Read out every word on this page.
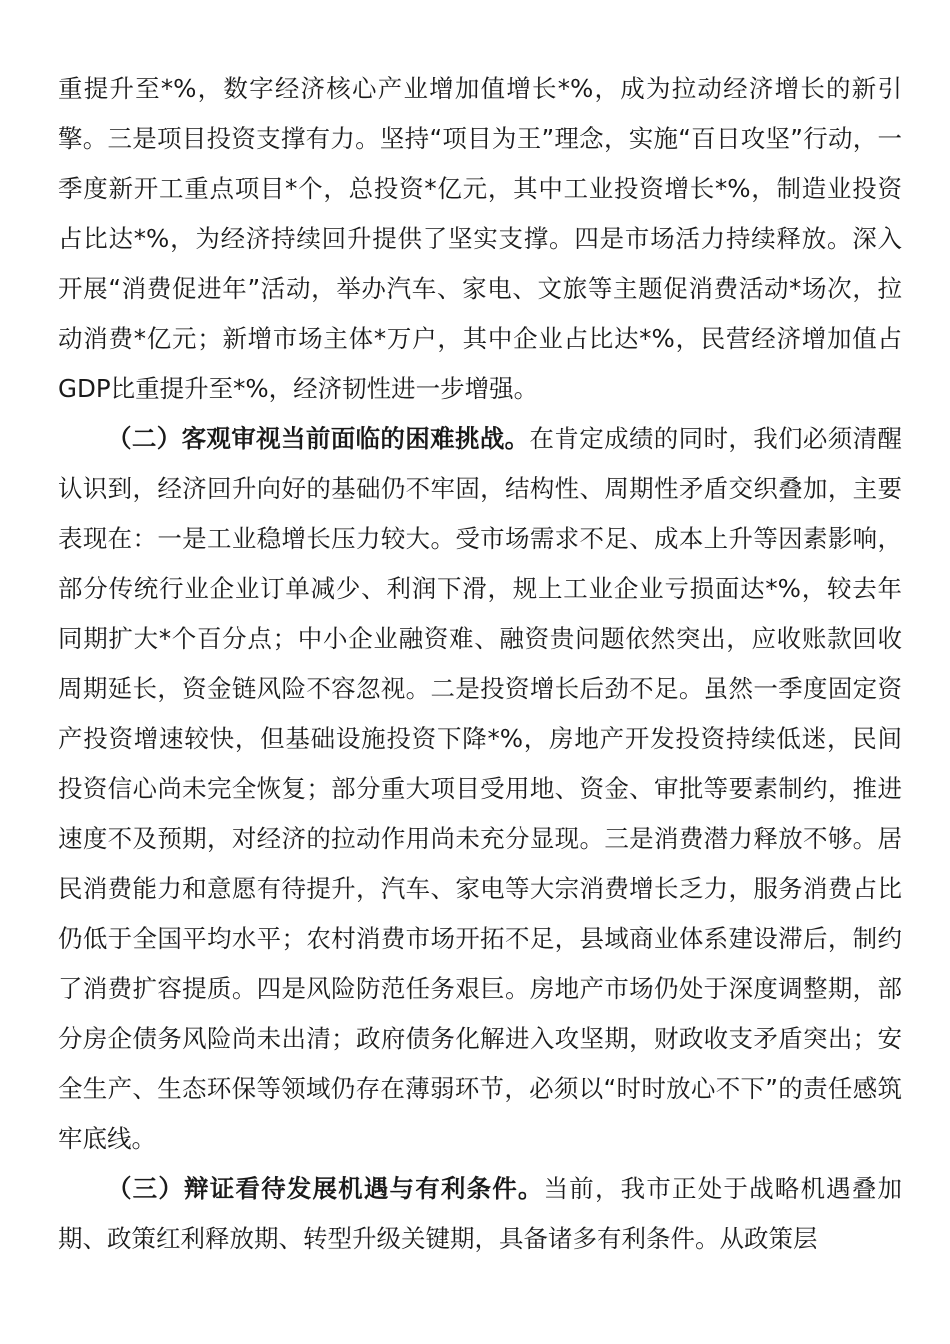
重提升至*%，数字经济核心产业增加值增长*%，成为拉动经济增长的新引擎。三是项目投资支撑有力。坚持“项目为王”理念，实施“百日攻坚”行动，一季度新开工重点项目*个，总投资*亿元，其中工业投资增长*%，制造业投资占比达*%，为经济持续回升提供了坚实支撑。四是市场活力持续释放。深入开展“消费促进年”活动，举办汽车、家电、文旅等主题促消费活动*场次，拉动消费*亿元；新增市场主体*万户，其中企业占比达*%，民营经济增加值占GDP比重提升至*%，经济韧性进一步增强。

（二）客观审视当前面临的困难挑战。在肯定成绩的同时，我们必须清醒认识到，经济回升向好的基础仍不牢固，结构性、周期性矛盾交织叠加，主要表现在：一是工业稳增长压力较大。受市场需求不足、成本上升等因素影响，部分传统行业企业订单减少、利润下滑，规上工业企业亏损面达*%，较去年同期扩大*个百分点；中小企业融资难、融资贵问题依然突出，应收账款回收周期延长，资金链风险不容忽视。二是投资增长后劲不足。虽然一季度固定资产投资增速较快，但基础设施投资下降*%，房地产开发投资持续低迷，民间投资信心尚未完全恢复；部分重大项目受用地、资金、审批等要素制约，推进速度不及预期，对经济的拉动作用尚未充分显现。三是消费潜力释放不够。居民消费能力和意愿有待提升，汽车、家电等大宗消费增长乏力，服务消费占比仍低于全国平均水平；农村消费市场开拓不足，县域商业体系建设滞后，制约了消费扩容提质。四是风险防范任务艰巨。房地产市场仍处于深度调整期，部分房企债务风险尚未出清；政府债务化解进入攻坚期，财政收支矛盾突出；安全生产、生态环保等领域仍存在薄弱环节，必须以“时时放心不下”的责任感筑牢底线。

（三）辩证看待发展机遇与有利条件。当前，我市正处于战略机遇叠加期、政策红利释放期、转型升级关键期，具备诸多有利条件。从政策层
